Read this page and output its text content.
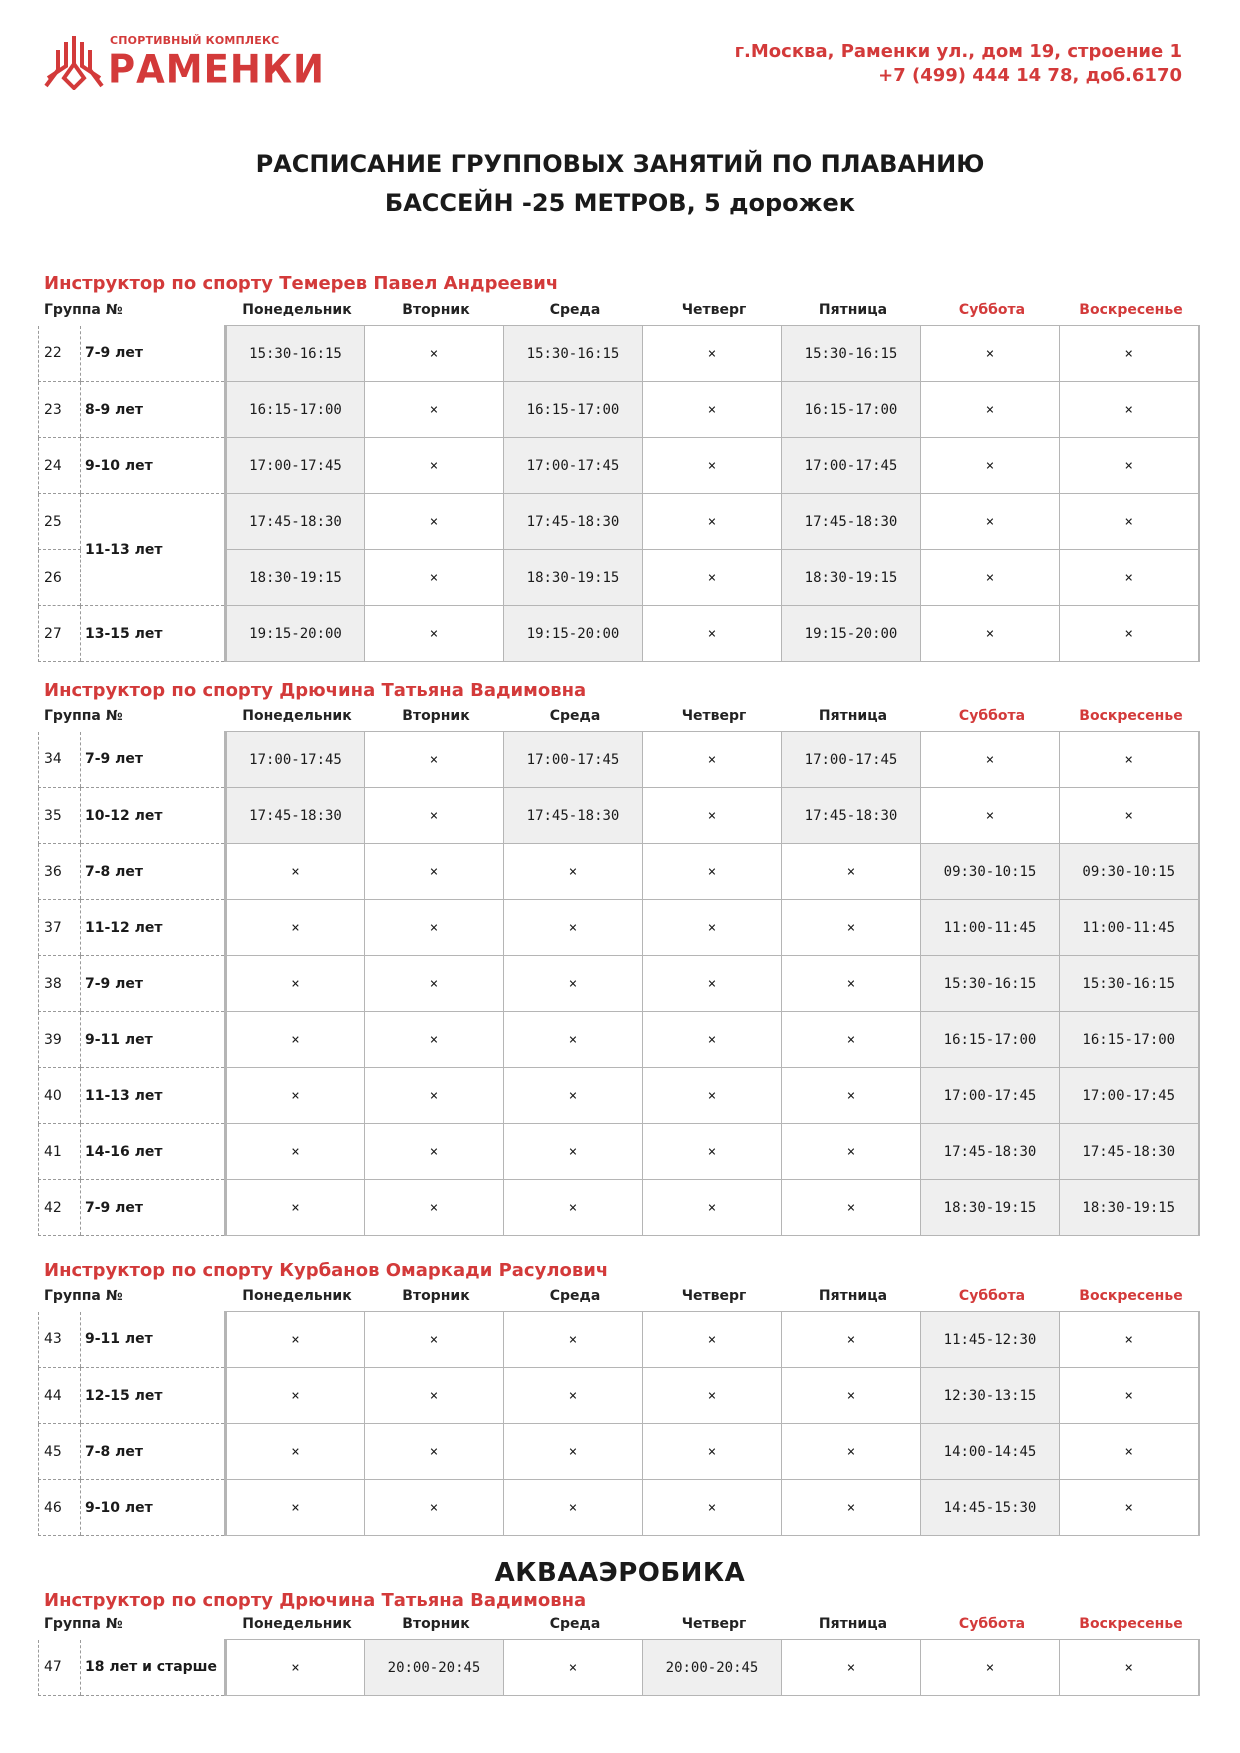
СПОРТИВНЫЙ КОМПЛЕКС
РАМЕНКИ	г.Москва, Раменки ул., дом 19, строение 1
+7 (499) 444 14 78, доб.6170
РАСПИСАНИЕ ГРУППОВЫХ ЗАНЯТИЙ ПО ПЛАВАНИЮ
БАССЕЙН -25 МЕТРОВ, 5 дорожек
Инструктор по спорту Темерев Павел Андреевич
Группа №	Понедельник	Вторник	Среда	Четверг	Пятница	Суббота	Воскресенье
22	7-9 лет	15:30-16:15	×	15:30-16:15	×	15:30-16:15	×	×
23	8-9 лет	16:15-17:00	×	16:15-17:00	×	16:15-17:00	×	×
24	9-10 лет	17:00-17:45	×	17:00-17:45	×	17:00-17:45	×	×
25	11-13 лет	17:45-18:30	×	17:45-18:30	×	17:45-18:30	×	×
26		18:30-19:15	×	18:30-19:15	×	18:30-19:15	×	×
27	13-15 лет	19:15-20:00	×	19:15-20:00	×	19:15-20:00	×	×
Инструктор по спорту Дрючина Татьяна Вадимовна
Группа №	Понедельник	Вторник	Среда	Четверг	Пятница	Суббота	Воскресенье
34	7-9 лет	17:00-17:45	×	17:00-17:45	×	17:00-17:45	×	×
35	10-12 лет	17:45-18:30	×	17:45-18:30	×	17:45-18:30	×	×
36	7-8 лет	×	×	×	×	×	09:30-10:15	09:30-10:15
37	11-12 лет	×	×	×	×	×	11:00-11:45	11:00-11:45
38	7-9 лет	×	×	×	×	×	15:30-16:15	15:30-16:15
39	9-11 лет	×	×	×	×	×	16:15-17:00	16:15-17:00
40	11-13 лет	×	×	×	×	×	17:00-17:45	17:00-17:45
41	14-16 лет	×	×	×	×	×	17:45-18:30	17:45-18:30
42	7-9 лет	×	×	×	×	×	18:30-19:15	18:30-19:15
Инструктор по спорту Курбанов Омаркади Расулович
Группа №	Понедельник	Вторник	Среда	Четверг	Пятница	Суббота	Воскресенье
43	9-11 лет	×	×	×	×	×	11:45-12:30	×
44	12-15 лет	×	×	×	×	×	12:30-13:15	×
45	7-8 лет	×	×	×	×	×	14:00-14:45	×
46	9-10 лет	×	×	×	×	×	14:45-15:30	×
АКВААЭРОБИКА
Инструктор по спорту Дрючина Татьяна Вадимовна
Группа №	Понедельник	Вторник	Среда	Четверг	Пятница	Суббота	Воскресенье
47	18 лет и старше	×	20:00-20:45	×	20:00-20:45	×	×	×
